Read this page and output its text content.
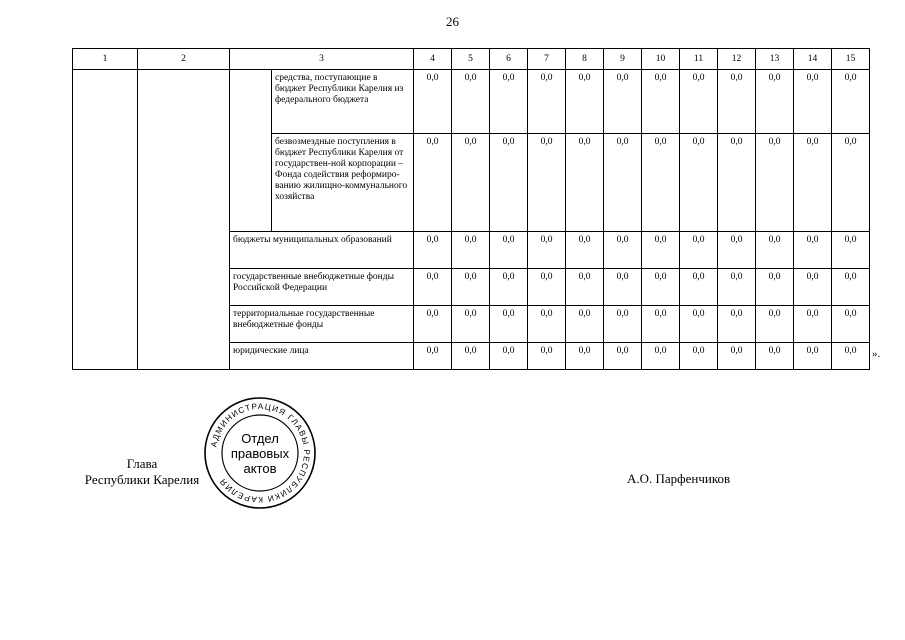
26
1	2	3		4	5	6	7	8	9	10	11	12	13	14	15
			средства, поступающие в бюджет Республики Карелия из федерального бюджета	0,0	0,0	0,0	0,0	0,0	0,0	0,0	0,0	0,0	0,0	0,0	0,0
			безвозмездные поступления в бюджет Республики Карелия от государствен-ной корпорации – Фонда содействия реформиро-ванию жилищно-коммунального хозяйства	0,0	0,0	0,0	0,0	0,0	0,0	0,0	0,0	0,0	0,0	0,0	0,0
		бюджеты муниципальных образований		0,0	0,0	0,0	0,0	0,0	0,0	0,0	0,0	0,0	0,0	0,0	0,0
		государственные внебюджетные фонды Российской Федерации		0,0	0,0	0,0	0,0	0,0	0,0	0,0	0,0	0,0	0,0	0,0	0,0
		территориальные государственные внебюджетные фонды		0,0	0,0	0,0	0,0	0,0	0,0	0,0	0,0	0,0	0,0	0,0	0,0
		юридические лица		0,0	0,0	0,0	0,0	0,0	0,0	0,0	0,0	0,0	0,0	0,0	0,0 ».
Глава
Республики Карелия
АДМИНИСТРАЦИЯ ГЛАВЫ РЕСПУБЛИКИ КАРЕЛИЯ
Отдел
правовых
актов
А.О. Парфенчиков
